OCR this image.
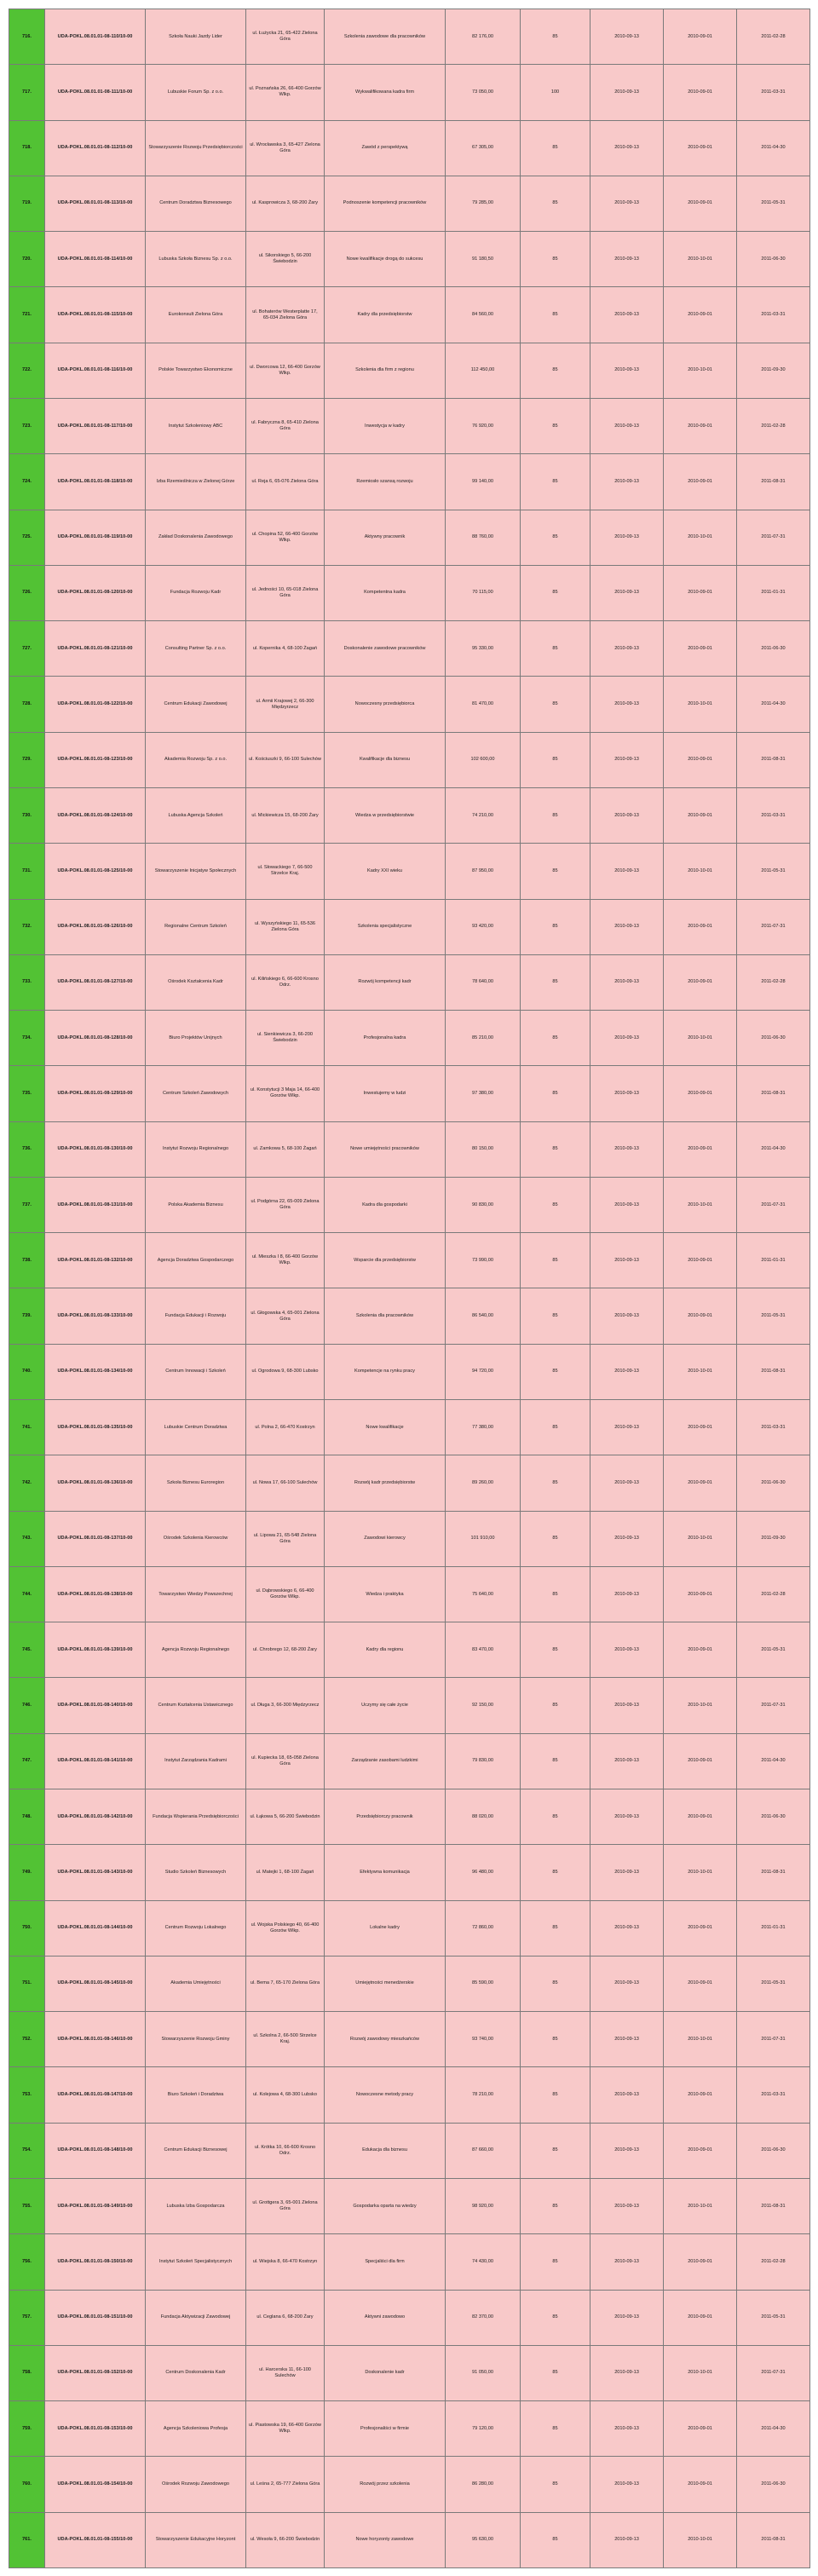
716.	UDA-POKL.08.01.01-08-110/10-00	Szkoła Nauki Jazdy Lider	ul. Łużycka 21, 65-422 Zielona Góra	Szkolenia zawodowe dla pracowników	82 176,00	85	2010-09-13	2010-09-01	2011-02-28
717.	UDA-POKL.08.01.01-08-111/10-00	Lubuskie Forum Sp. z o.o.	ul. Poznańska 26, 66-400 Gorzów Wlkp.	Wykwalifikowana kadra firm	73 050,00	100	2010-09-13	2010-09-01	2011-03-31
718.	UDA-POKL.08.01.01-08-112/10-00	Stowarzyszenie Rozwoju Przedsiębiorczości	ul. Wrocławska 3, 65-427 Zielona Góra	Zawód z perspektywą	67 305,00	85	2010-09-13	2010-09-01	2011-04-30
719.	UDA-POKL.08.01.01-08-113/10-00	Centrum Doradztwa Biznesowego	ul. Kasprowicza 3, 68-200 Żary	Podnoszenie kompetencji pracowników	79 285,00	85	2010-09-13	2010-09-01	2011-05-31
720.	UDA-POKL.08.01.01-08-114/10-00	Lubuska Szkoła Biznesu Sp. z o.o.	ul. Sikorskiego 5, 66-200 Świebodzin	Nowe kwalifikacje drogą do sukcesu	91 180,50	85	2010-09-13	2010-10-01	2011-06-30
721.	UDA-POKL.08.01.01-08-115/10-00	Eurokonsult Zielona Góra	ul. Bohaterów Westerplatte 17, 65-034 Zielona Góra	Kadry dla przedsiębiorstw	84 560,00	85	2010-09-13	2010-09-01	2011-03-31
722.	UDA-POKL.08.01.01-08-116/10-00	Polskie Towarzystwo Ekonomiczne	ul. Dworcowa 12, 66-400 Gorzów Wlkp.	Szkolenia dla firm z regionu	112 450,00	85	2010-09-13	2010-10-01	2011-09-30
723.	UDA-POKL.08.01.01-08-117/10-00	Instytut Szkoleniowy ABC	ul. Fabryczna 8, 65-410 Zielona Góra	Inwestycja w kadry	76 920,00	85	2010-09-13	2010-09-01	2011-02-28
724.	UDA-POKL.08.01.01-08-118/10-00	Izba Rzemieślnicza w Zielonej Górze	ul. Reja 6, 65-076 Zielona Góra	Rzemiosło szansą rozwoju	99 140,00	85	2010-09-13	2010-09-01	2011-08-31
725.	UDA-POKL.08.01.01-08-119/10-00	Zakład Doskonalenia Zawodowego	ul. Chopina 52, 66-400 Gorzów Wlkp.	Aktywny pracownik	88 760,00	85	2010-09-13	2010-10-01	2011-07-31
726.	UDA-POKL.08.01.01-08-120/10-00	Fundacja Rozwoju Kadr	ul. Jedności 10, 65-018 Zielona Góra	Kompetentna kadra	70 115,00	85	2010-09-13	2010-09-01	2011-01-31
727.	UDA-POKL.08.01.01-08-121/10-00	Consulting Partner Sp. z o.o.	ul. Kopernika 4, 68-100 Żagań	Doskonalenie zawodowe pracowników	95 330,00	85	2010-09-13	2010-09-01	2011-06-30
728.	UDA-POKL.08.01.01-08-122/10-00	Centrum Edukacji Zawodowej	ul. Armii Krajowej 2, 66-300 Międzyrzecz	Nowoczesny przedsiębiorca	81 470,00	85	2010-09-13	2010-10-01	2011-04-30
729.	UDA-POKL.08.01.01-08-123/10-00	Akademia Rozwoju Sp. z o.o.	ul. Kościuszki 9, 66-100 Sulechów	Kwalifikacje dla biznesu	102 600,00	85	2010-09-13	2010-09-01	2011-08-31
730.	UDA-POKL.08.01.01-08-124/10-00	Lubuska Agencja Szkoleń	ul. Mickiewicza 15, 68-200 Żary	Wiedza w przedsiębiorstwie	74 210,00	85	2010-09-13	2010-09-01	2011-03-31
731.	UDA-POKL.08.01.01-08-125/10-00	Stowarzyszenie Inicjatyw Społecznych	ul. Słowackiego 7, 66-500 Strzelce Kraj.	Kadry XXI wieku	87 950,00	85	2010-09-13	2010-10-01	2011-05-31
732.	UDA-POKL.08.01.01-08-126/10-00	Regionalne Centrum Szkoleń	ul. Wyszyńskiego 11, 65-536 Zielona Góra	Szkolenia specjalistyczne	93 420,00	85	2010-09-13	2010-09-01	2011-07-31
733.	UDA-POKL.08.01.01-08-127/10-00	Ośrodek Kształcenia Kadr	ul. Kilińskiego 6, 66-600 Krosno Odrz.	Rozwój kompetencji kadr	78 640,00	85	2010-09-13	2010-09-01	2011-02-28
734.	UDA-POKL.08.01.01-08-128/10-00	Biuro Projektów Unijnych	ul. Sienkiewicza 3, 66-200 Świebodzin	Profesjonalna kadra	85 210,00	85	2010-09-13	2010-10-01	2011-06-30
735.	UDA-POKL.08.01.01-08-129/10-00	Centrum Szkoleń Zawodowych	ul. Konstytucji 3 Maja 14, 66-400 Gorzów Wlkp.	Inwestujemy w ludzi	97 380,00	85	2010-09-13	2010-09-01	2011-08-31
736.	UDA-POKL.08.01.01-08-130/10-00	Instytut Rozwoju Regionalnego	ul. Zamkowa 5, 68-100 Żagań	Nowe umiejętności pracowników	80 150,00	85	2010-09-13	2010-09-01	2011-04-30
737.	UDA-POKL.08.01.01-08-131/10-00	Polska Akademia Biznesu	ul. Podgórna 22, 65-009 Zielona Góra	Kadra dla gospodarki	90 830,00	85	2010-09-13	2010-10-01	2011-07-31
738.	UDA-POKL.08.01.01-08-132/10-00	Agencja Doradztwa Gospodarczego	ul. Mieszka I 8, 66-400 Gorzów Wlkp.	Wsparcie dla przedsiębiorstw	73 990,00	85	2010-09-13	2010-09-01	2011-01-31
739.	UDA-POKL.08.01.01-08-133/10-00	Fundacja Edukacji i Rozwoju	ul. Głogowska 4, 65-001 Zielona Góra	Szkolenia dla pracowników	86 540,00	85	2010-09-13	2010-09-01	2011-05-31
740.	UDA-POKL.08.01.01-08-134/10-00	Centrum Innowacji i Szkoleń	ul. Ogrodowa 9, 68-300 Lubsko	Kompetencje na rynku pracy	94 720,00	85	2010-09-13	2010-10-01	2011-08-31
741.	UDA-POKL.08.01.01-08-135/10-00	Lubuskie Centrum Doradztwa	ul. Polna 2, 66-470 Kostrzyn	Nowe kwalifikacje	77 380,00	85	2010-09-13	2010-09-01	2011-03-31
742.	UDA-POKL.08.01.01-08-136/10-00	Szkoła Biznesu Euroregion	ul. Nowa 17, 66-100 Sulechów	Rozwój kadr przedsiębiorstw	89 260,00	85	2010-09-13	2010-09-01	2011-06-30
743.	UDA-POKL.08.01.01-08-137/10-00	Ośrodek Szkolenia Kierowców	ul. Lipowa 21, 65-548 Zielona Góra	Zawodowi kierowcy	101 910,00	85	2010-09-13	2010-10-01	2011-09-30
744.	UDA-POKL.08.01.01-08-138/10-00	Towarzystwo Wiedzy Powszechnej	ul. Dąbrowskiego 6, 66-400 Gorzów Wlkp.	Wiedza i praktyka	75 640,00	85	2010-09-13	2010-09-01	2011-02-28
745.	UDA-POKL.08.01.01-08-139/10-00	Agencja Rozwoju Regionalnego	ul. Chrobrego 12, 68-200 Żary	Kadry dla regionu	83 470,00	85	2010-09-13	2010-09-01	2011-05-31
746.	UDA-POKL.08.01.01-08-140/10-00	Centrum Kształcenia Ustawicznego	ul. Długa 3, 66-300 Międzyrzecz	Uczymy się całe życie	92 150,00	85	2010-09-13	2010-10-01	2011-07-31
747.	UDA-POKL.08.01.01-08-141/10-00	Instytut Zarządzania Kadrami	ul. Kupiecka 18, 65-058 Zielona Góra	Zarządzanie zasobami ludzkimi	79 830,00	85	2010-09-13	2010-09-01	2011-04-30
748.	UDA-POKL.08.01.01-08-142/10-00	Fundacja Wspierania Przedsiębiorczości	ul. Łąkowa 5, 66-200 Świebodzin	Przedsiębiorczy pracownik	88 020,00	85	2010-09-13	2010-09-01	2011-06-30
749.	UDA-POKL.08.01.01-08-143/10-00	Studio Szkoleń Biznesowych	ul. Matejki 1, 68-100 Żagań	Efektywna komunikacja	96 480,00	85	2010-09-13	2010-10-01	2011-08-31
750.	UDA-POKL.08.01.01-08-144/10-00	Centrum Rozwoju Lokalnego	ul. Wojska Polskiego 40, 66-400 Gorzów Wlkp.	Lokalne kadry	72 860,00	85	2010-09-13	2010-09-01	2011-01-31
751.	UDA-POKL.08.01.01-08-145/10-00	Akademia Umiejętności	ul. Bema 7, 65-170 Zielona Góra	Umiejętności menedżerskie	85 590,00	85	2010-09-13	2010-09-01	2011-05-31
752.	UDA-POKL.08.01.01-08-146/10-00	Stowarzyszenie Rozwoju Gminy	ul. Szkolna 2, 66-500 Strzelce Kraj.	Rozwój zawodowy mieszkańców	93 740,00	85	2010-09-13	2010-10-01	2011-07-31
753.	UDA-POKL.08.01.01-08-147/10-00	Biuro Szkoleń i Doradztwa	ul. Kolejowa 4, 68-300 Lubsko	Nowoczesne metody pracy	78 210,00	85	2010-09-13	2010-09-01	2011-03-31
754.	UDA-POKL.08.01.01-08-148/10-00	Centrum Edukacji Biznesowej	ul. Krótka 10, 66-600 Krosno Odrz.	Edukacja dla biznesu	87 660,00	85	2010-09-13	2010-09-01	2011-06-30
755.	UDA-POKL.08.01.01-08-149/10-00	Lubuska Izba Gospodarcza	ul. Grottgera 3, 65-001 Zielona Góra	Gospodarka oparta na wiedzy	98 920,00	85	2010-09-13	2010-10-01	2011-08-31
756.	UDA-POKL.08.01.01-08-150/10-00	Instytut Szkoleń Specjalistycznych	ul. Wiejska 8, 66-470 Kostrzyn	Specjaliści dla firm	74 430,00	85	2010-09-13	2010-09-01	2011-02-28
757.	UDA-POKL.08.01.01-08-151/10-00	Fundacja Aktywizacji Zawodowej	ul. Ceglana 6, 68-200 Żary	Aktywni zawodowo	82 370,00	85	2010-09-13	2010-09-01	2011-05-31
758.	UDA-POKL.08.01.01-08-152/10-00	Centrum Doskonalenia Kadr	ul. Harcerska 11, 66-100 Sulechów	Doskonalenie kadr	91 050,00	85	2010-09-13	2010-10-01	2011-07-31
759.	UDA-POKL.08.01.01-08-153/10-00	Agencja Szkoleniowa Profesja	ul. Piastowska 19, 66-400 Gorzów Wlkp.	Profesjonaliści w firmie	79 120,00	85	2010-09-13	2010-09-01	2011-04-30
760.	UDA-POKL.08.01.01-08-154/10-00	Ośrodek Rozwoju Zawodowego	ul. Leśna 2, 65-777 Zielona Góra	Rozwój przez szkolenia	86 280,00	85	2010-09-13	2010-09-01	2011-06-30
761.	UDA-POKL.08.01.01-08-155/10-00	Stowarzyszenie Edukacyjne Horyzont	ul. Wesoła 9, 66-200 Świebodzin	Nowe horyzonty zawodowe	95 630,00	85	2010-09-13	2010-10-01	2011-08-31
